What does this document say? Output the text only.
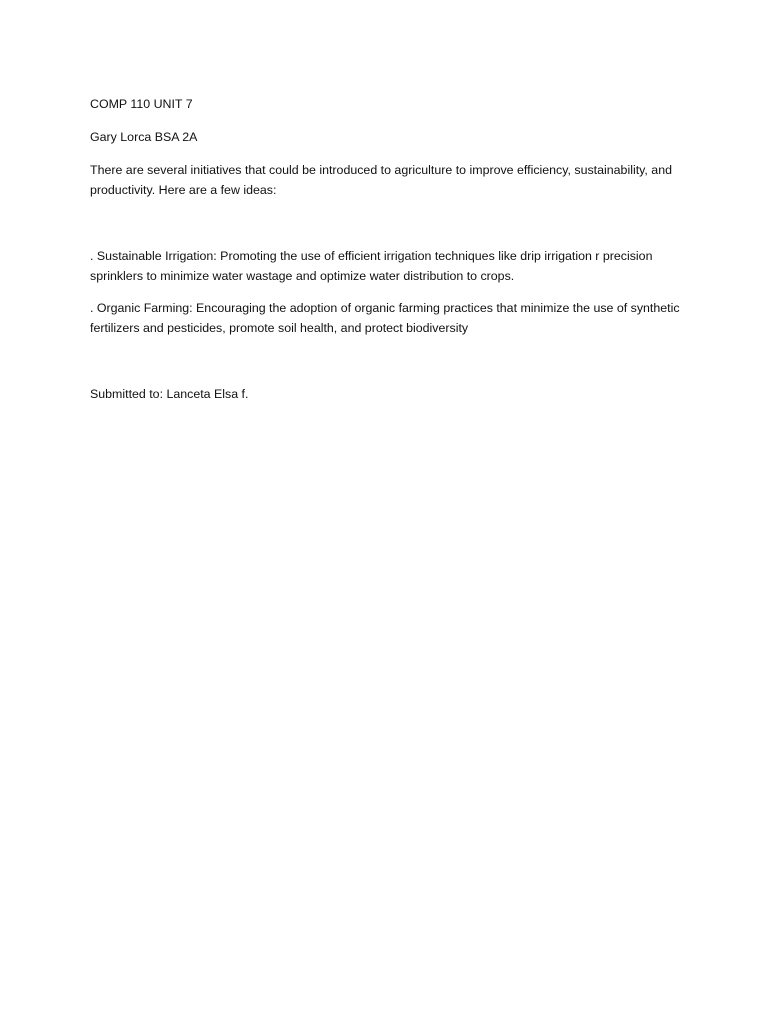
COMP 110 UNIT 7

Gary Lorca BSA 2A

There are several initiatives that could be introduced to agriculture to improve efficiency, sustainability, and productivity. Here are a few ideas:

. Sustainable Irrigation: Promoting the use of efficient irrigation techniques like drip irrigation r precision sprinklers to minimize water wastage and optimize water distribution to crops.

. Organic Farming: Encouraging the adoption of organic farming practices that minimize the use of synthetic fertilizers and pesticides, promote soil health, and protect biodiversity

Submitted to: Lanceta Elsa f.
